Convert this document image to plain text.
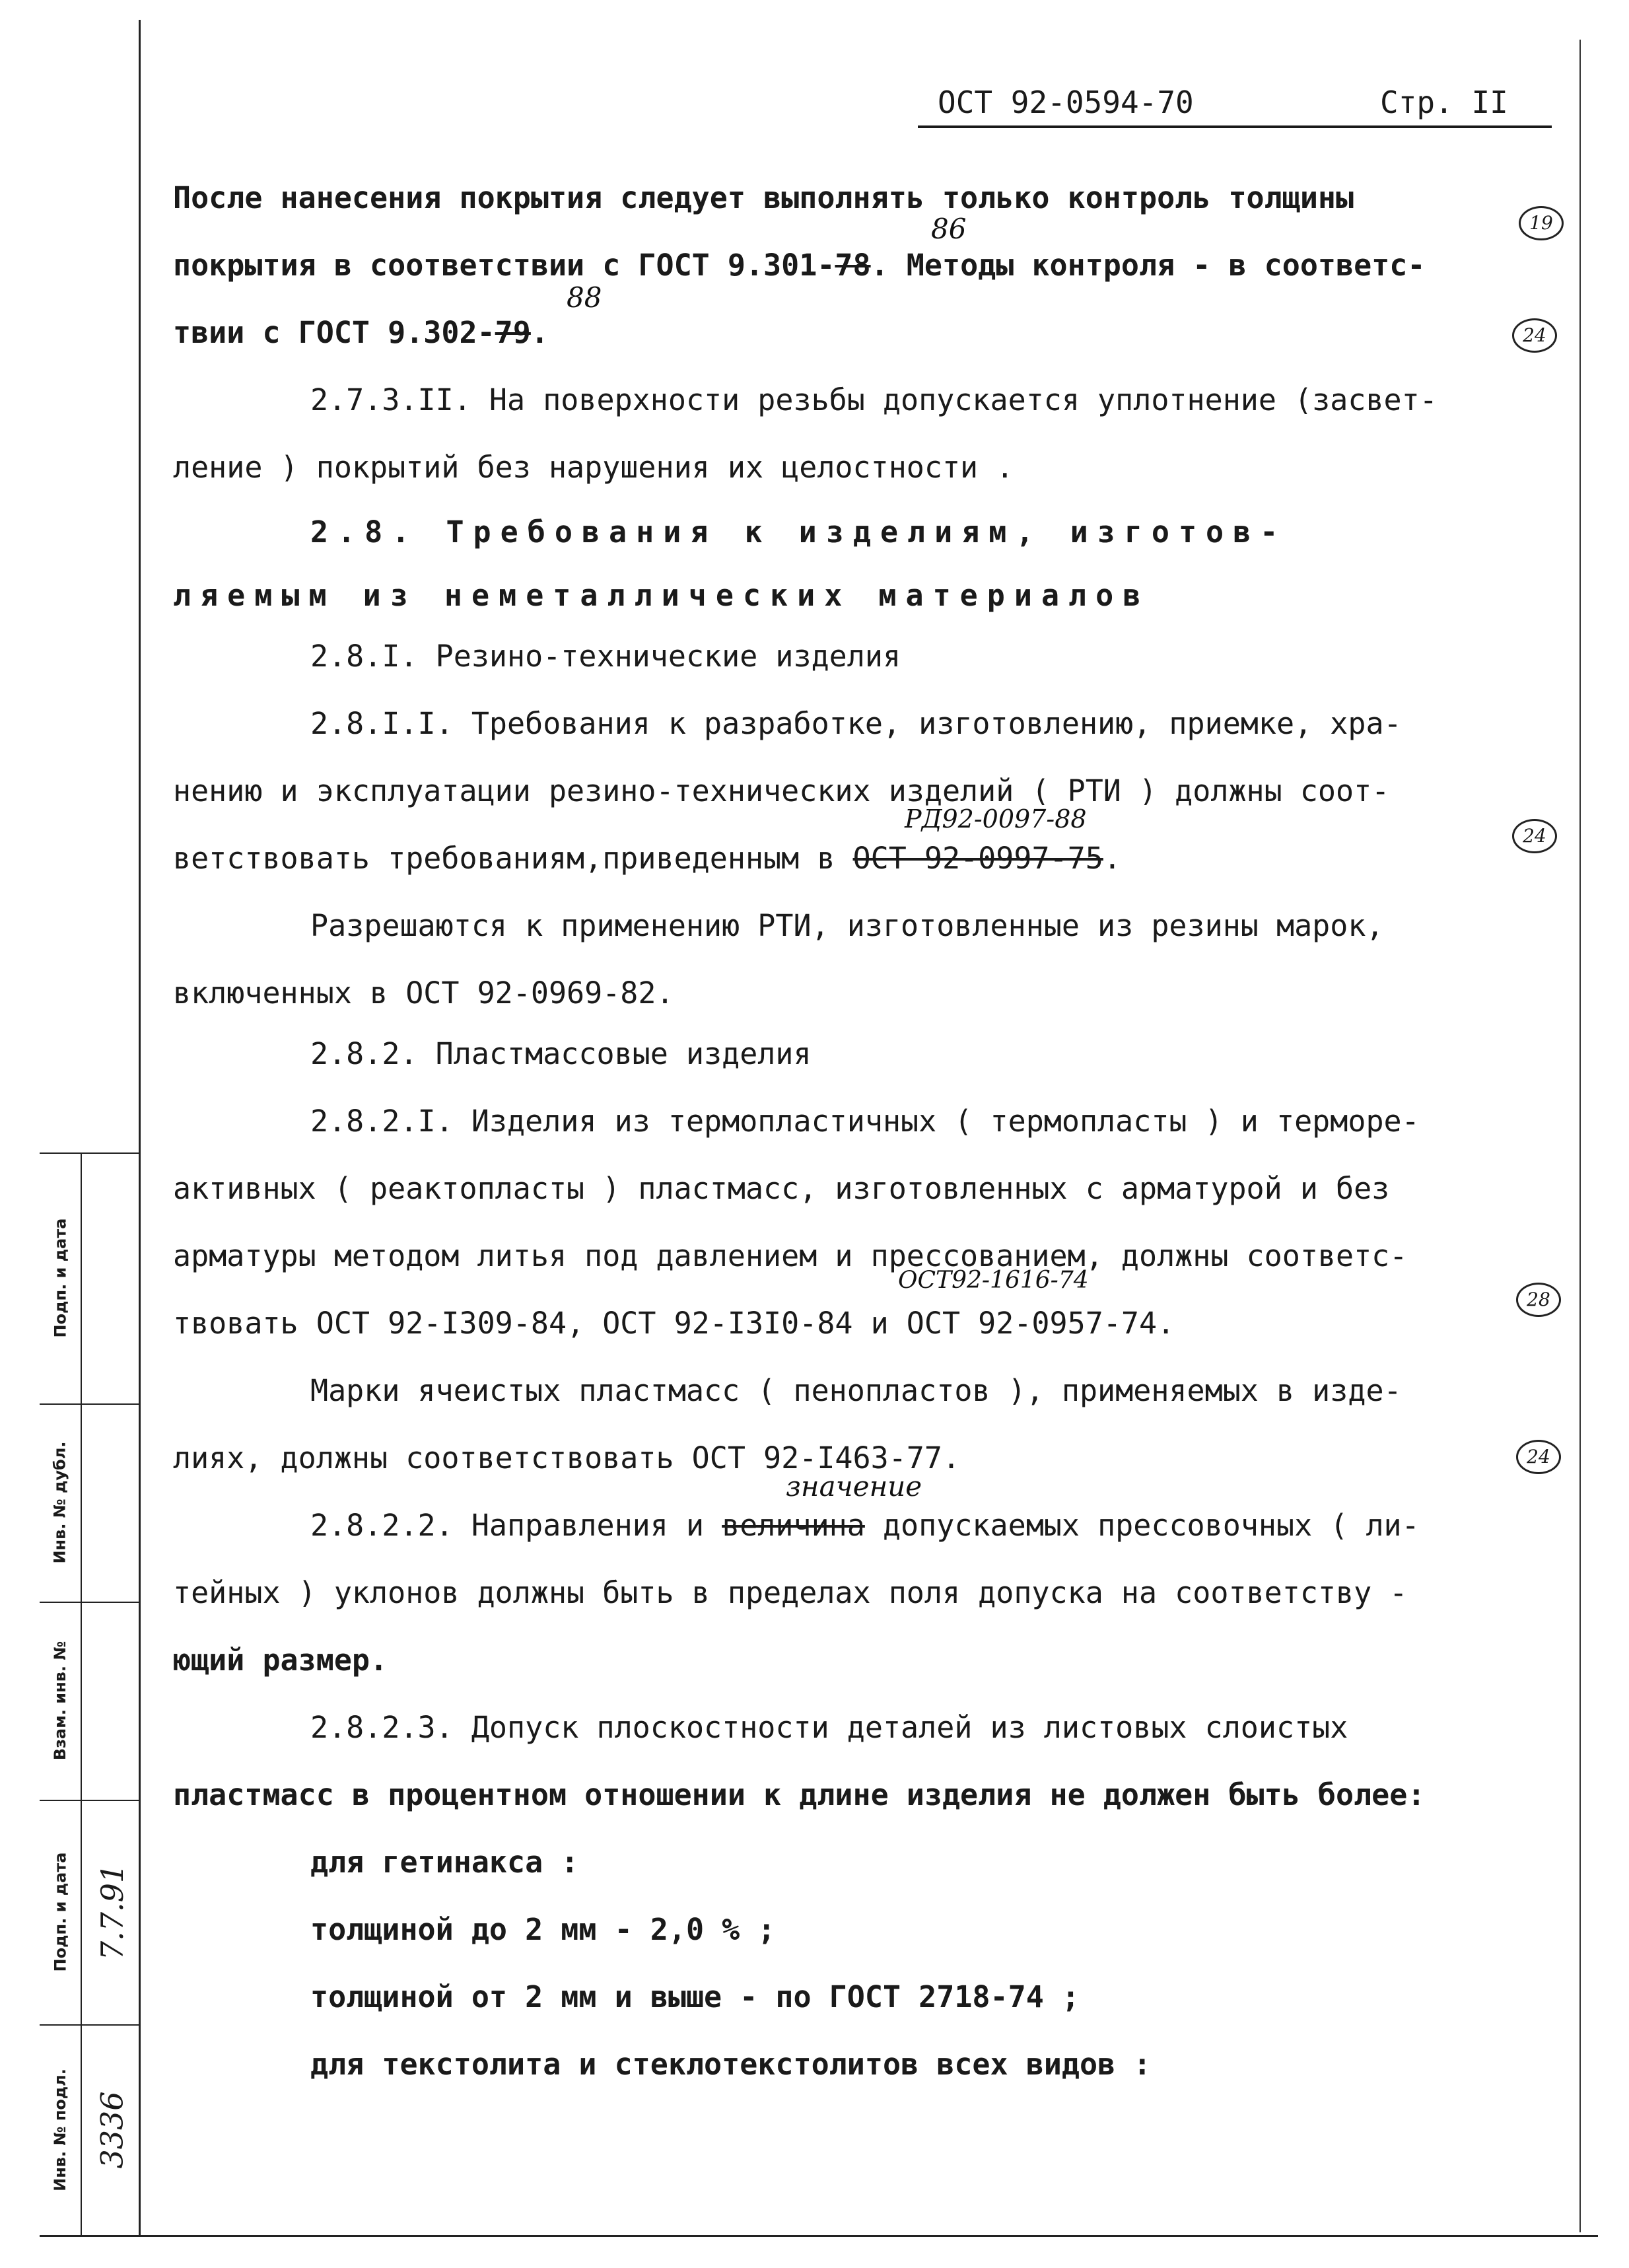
ОСТ 92-0594-70	Стр. II
После нанесения покрытия следует выполнять только контроль толщины
покрытия в соответствии с ГОСТ 9.301-78. Методы контроля - в соответс-
твии с ГОСТ 9.302-79.
2.7.3.II. На поверхности резьбы допускается уплотнение (засвет-
ление ) покрытий без нарушения их целостности .
2.8. Требования к изделиям, изготов-
ляемым из неметаллических материалов
2.8.I. Резино-технические изделия
2.8.I.I. Требования к разработке, изготовлению, приемке, хра-
нению и эксплуатации резино-технических изделий ( РТИ ) должны соот-
ветствовать требованиям,приведенным в ОСТ 92-0997-75.
Разрешаются к применению РТИ, изготовленные из резины марок,
включенных в ОСТ 92-0969-82.
2.8.2. Пластмассовые изделия
2.8.2.I. Изделия из термопластичных ( термопласты ) и терморе-
активных ( реактопласты ) пластмасс, изготовленных с арматурой и без
арматуры методом литья под давлением и прессованием, должны соответс-
твовать ОСТ 92-I309-84, ОСТ 92-I3I0-84 и ОСТ 92-0957-74.
Марки ячеистых пластмасс ( пенопластов ), применяемых в изде-
лиях, должны соответствовать ОСТ 92-I463-77.
2.8.2.2. Направления и величина допускаемых пресcовочных ( ли-
тейных ) уклонов должны быть в пределах поля допуска на соответству -
ющий размер.
2.8.2.3. Допуск плоскостности деталей из листовых слоистых
пластмасс в процентном отношении к длине изделия не должен быть более:
для гетинакса :
толщиной до 2 мм - 2,0 % ;
толщиной от 2 мм и выше - по ГОСТ 2718-74 ;
для текстолита и стеклотекстолитов всех видов :
86
88
РД92-0097-88
ОСТ92-1616-74
значение
19
24
24
28
24
Подп. и дата
Инв. № дубл.
Взам. инв. №
Подп. и дата 7.7.91
Инв. № подл. 3336
